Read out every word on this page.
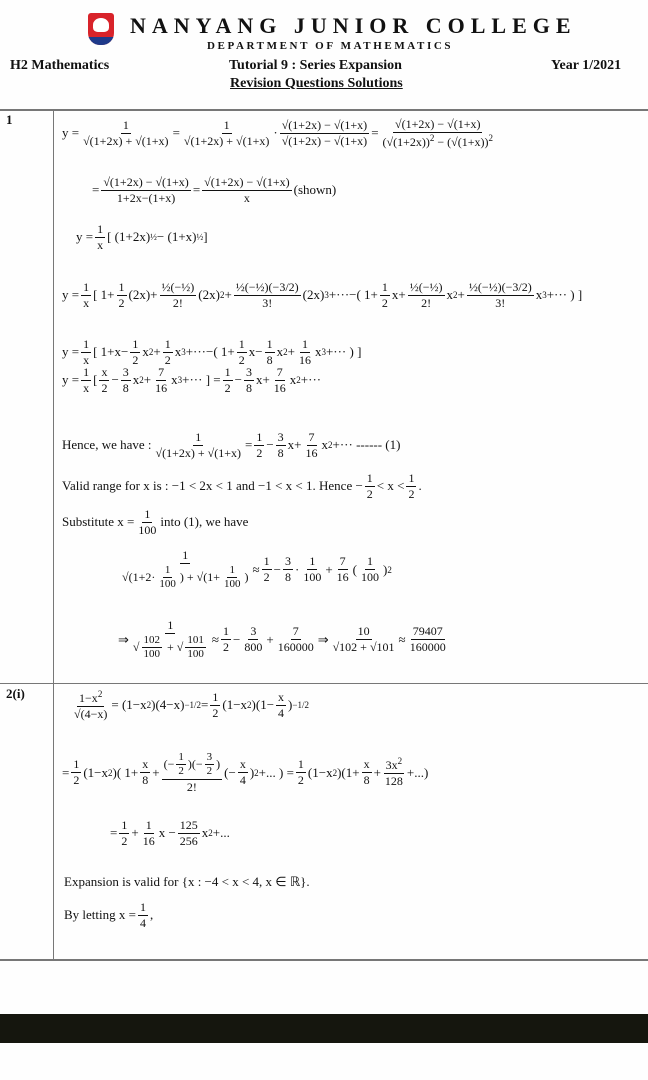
NANYANG JUNIOR COLLEGE
DEPARTMENT OF MATHEMATICS
H2 Mathematics	Tutorial 9 : Series Expansion	Year 1/2021
Revision Questions Solutions
1
2(i)
$y = \frac{1}{√(1+2x) + √(1+x)} = \frac{1}{√(1+2x) + √(1+x)} \cdot \frac{√(1+2x) - √(1+x)}{√(1+2x) - √(1+x)} = \frac{√(1+2x) - √(1+x)}{(√(1+2x))^2 - (√(1+x))^2}$
= $\frac{√(1+2x) - √(1+x)}{1+2x-(1+x)} = \frac{√(1+2x) - √(1+x)}{x}$ (shown)
$y = \frac{1}{x}$ [ (1+2x) ½ − (1+x) ½ ]
$y = \frac{1}{x}$ [ $1+ \frac{1}{2} (2x)+$
½(−½)
2!
(2x) $2 + \frac{\text{½(−½)(−3/2)}}{3!} (2x)$ 3 +···−( $1+ \frac{1}{2} x+$
½(−½)
2!
x $2 + \frac{\text{½(−½)(−3/2)}}{3!}$ x 3 +··· ) ]
$y = \frac{1}{x}$ [ $1+x- \frac{1}{2}$ x $2 + \frac{1}{2}$ x 3 +···−( $1+ \frac{1}{2} x- \frac{1}{8}$ x $2 + \frac{1}{16}$ x 3 +··· ) ]
$y = \frac{1}{x}$ [ $\frac{x}{2} - \frac{3}{8}$ x $2 + \frac{7}{16}$ x 3 +··· ] = $\frac{1}{2} - \frac{3}{8} x+ \frac{7}{16}$ x 2 +···
Hence, we have : $\frac{1}{√(1+2x) + √(1+x)} = \frac{1}{2} - \frac{3}{8} x+ \frac{7}{16}$ x 2 +··· ------ (1)
Valid range for x is : −1 < 2x < 1 and −1 < x < 1. Hence − $\frac{1}{2} < x < \frac{1}{2}$ .
Substitute $x = \frac{1}{100}$ into (1), we have
$\frac{1}{√(1+2\cdot \frac{1}{100} ) + √(1+ \frac{1}{100} )} \approx \frac{1}{2} - \frac{3}{8} \cdot \frac{1}{100} + \frac{7}{16}$ ( $\frac{1}{100}$ ) 2
⇒ $\frac{1}{√ \frac{102}{100} + √ \frac{101}{100}} \approx \frac{1}{2} - \frac{3}{800} + \frac{7}{160000}$ ⇒ $\frac{10}{√102 + √101} \approx \frac{79407}{160000}$
$\frac{1-x^2}{√(4-x)} = (1-x$ 2 )$(4-x) -1/2 = \frac{1}{2} (1-x$ 2 )($1- \frac{x}{4}$ ) −1/2
= $\frac{1}{2} (1-x$ 2 )( $1+ \frac{x}{8} + \frac{(- \frac{1}{2} )(- \frac{3}{2} )}{2!}$ (− $\frac{x}{4}$ ) 2 +... ) = $\frac{1}{2} (1-x$ 2 )($1+ \frac{x}{8} + \frac{3x^2}{128}$ +...)
= $\frac{1}{2} + \frac{1}{16}$ $x - \frac{125}{256}$ x 2 +...
Expansion is valid for {x : −4 < x < 4, x ∈ ℝ}.
By letting $x = \frac{1}{4}$ ,
